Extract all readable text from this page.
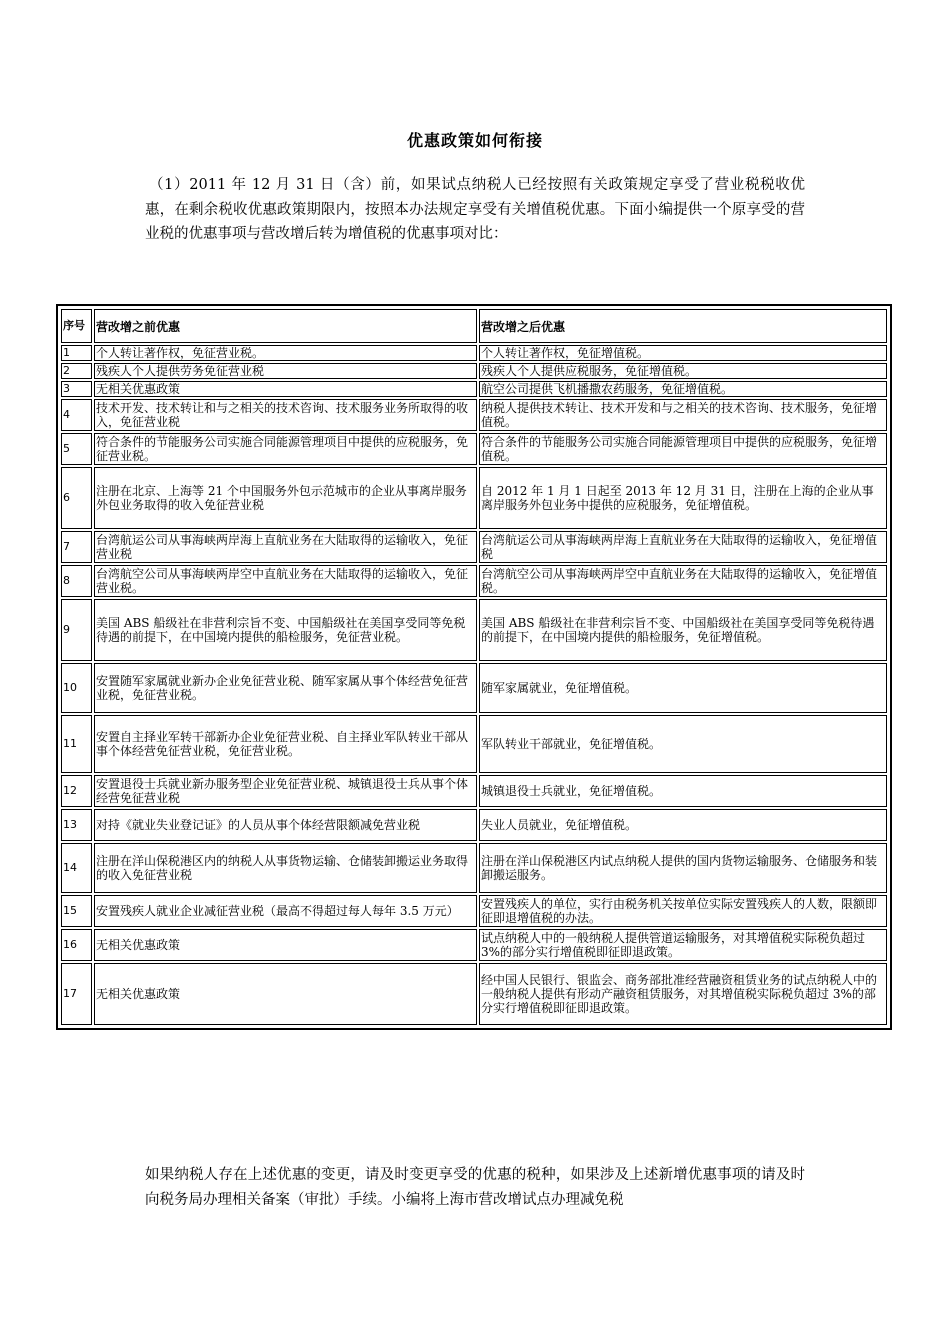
优惠政策如何衔接
（1）2011 年 12 月 31 日（含）前，如果试点纳税人已经按照有关政策规定享受了营业税税收优惠，在剩余税收优惠政策期限内，按照本办法规定享受有关增值税优惠。下面小编提供一个原享受的营业税的优惠事项与营改增后转为增值税的优惠事项对比：
序号	营改增之前优惠	营改增之后优惠
1	个人转让著作权，免征营业税。	个人转让著作权，免征增值税。
2	残疾人个人提供劳务免征营业税	残疾人个人提供应税服务，免征增值税。
3	无相关优惠政策	航空公司提供飞机播撒农药服务，免征增值税。
4	技术开发、技术转让和与之相关的技术咨询、技术服务业务所取得的收入，免征营业税	纳税人提供技术转让、技术开发和与之相关的技术咨询、技术服务，免征增值税。
5	符合条件的节能服务公司实施合同能源管理项目中提供的应税服务，免征营业税。	符合条件的节能服务公司实施合同能源管理项目中提供的应税服务，免征增值税。
6	注册在北京、上海等 21 个中国服务外包示范城市的企业从事离岸服务外包业务取得的收入免征营业税	自 2012 年 1 月 1 日起至 2013 年 12 月 31 日，注册在上海的企业从事离岸服务外包业务中提供的应税服务，免征增值税。
7	台湾航运公司从事海峡两岸海上直航业务在大陆取得的运输收入，免征营业税	台湾航运公司从事海峡两岸海上直航业务在大陆取得的运输收入，免征增值税
8	台湾航空公司从事海峡两岸空中直航业务在大陆取得的运输收入，免征营业税。	台湾航空公司从事海峡两岸空中直航业务在大陆取得的运输收入，免征增值税。
9	美国 ABS 船级社在非营利宗旨不变、中国船级社在美国享受同等免税待遇的前提下，在中国境内提供的船检服务，免征营业税。	美国 ABS 船级社在非营利宗旨不变、中国船级社在美国享受同等免税待遇的前提下，在中国境内提供的船检服务，免征增值税。
10	安置随军家属就业新办企业免征营业税、随军家属从事个体经营免征营业税，免征营业税。	随军家属就业，免征增值税。
11	安置自主择业军转干部新办企业免征营业税、自主择业军队转业干部从事个体经营免征营业税，免征营业税。	军队转业干部就业，免征增值税。
12	安置退役士兵就业新办服务型企业免征营业税、城镇退役士兵从事个体经营免征营业税	城镇退役士兵就业，免征增值税。
13	对持《就业失业登记证》的人员从事个体经营限额减免营业税	失业人员就业，免征增值税。
14	注册在洋山保税港区内的纳税人从事货物运输、仓储装卸搬运业务取得的收入免征营业税	注册在洋山保税港区内试点纳税人提供的国内货物运输服务、仓储服务和装卸搬运服务。
15	安置残疾人就业企业减征营业税（最高不得超过每人每年 3.5 万元）	安置残疾人的单位，实行由税务机关按单位实际安置残疾人的人数，限额即征即退增值税的办法。
16	无相关优惠政策	试点纳税人中的一般纳税人提供管道运输服务，对其增值税实际税负超过 3%的部分实行增值税即征即退政策。
17	无相关优惠政策	经中国人民银行、银监会、商务部批准经营融资租赁业务的试点纳税人中的一般纳税人提供有形动产融资租赁服务，对其增值税实际税负超过 3%的部分实行增值税即征即退政策。
如果纳税人存在上述优惠的变更，请及时变更享受的优惠的税种，如果涉及上述新增优惠事项的请及时向税务局办理相关备案（审批）手续。小编将上海市营改增试点办理减免税
